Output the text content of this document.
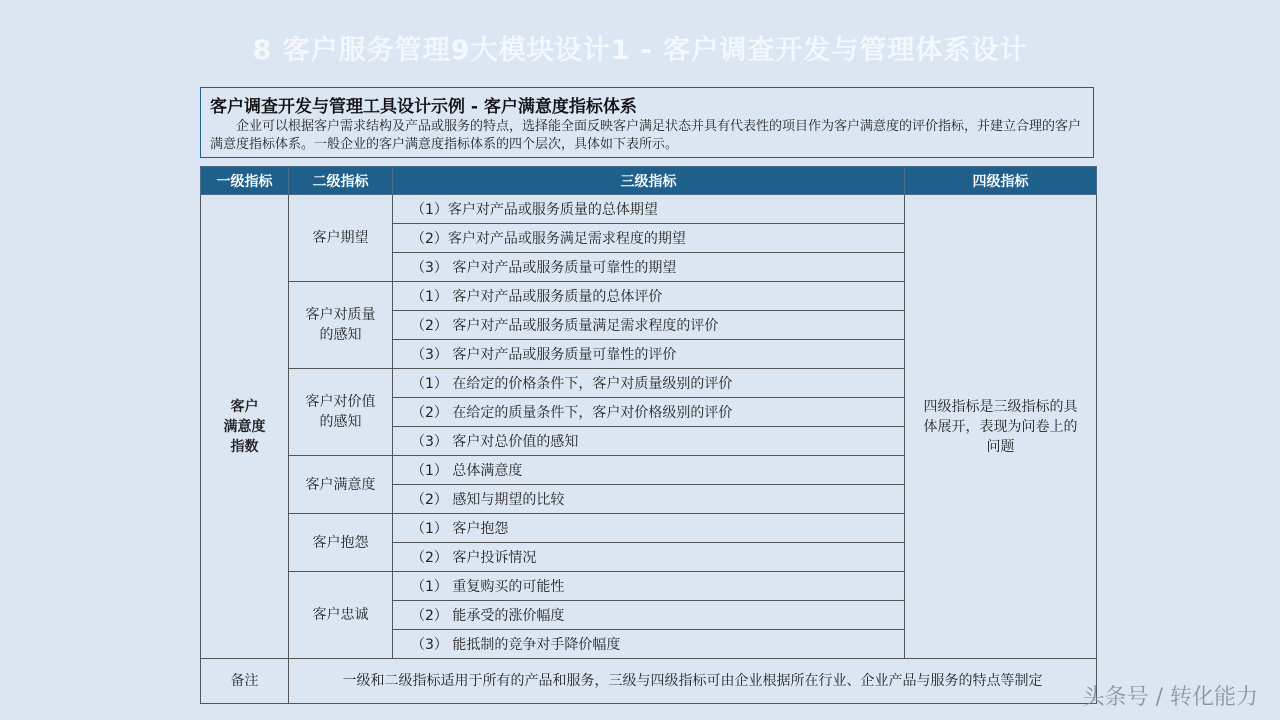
8 客户服务管理9大模块设计1 - 客户调查开发与管理体系设计
客户调查开发与管理工具设计示例 - 客户满意度指标体系
企业可以根据客户需求结构及产品或服务的特点，选择能全面反映客户满足状态并具有代表性的项目作为客户满意度的评价指标，并建立合理的客户满意度指标体系。一般企业的客户满意度指标体系的四个层次，具体如下表所示。
一级指标	二级指标	三级指标	四级指标
客户
满意度
指数	客户期望	（1）客户对产品或服务质量的总体期望	四级指标是三级指标的具体展开，表现为问卷上的问题
		（2）客户对产品或服务满足需求程度的期望	
		（3） 客户对产品或服务质量可靠性的期望	
	客户对质量
的感知	（1） 客户对产品或服务质量的总体评价	
		（2） 客户对产品或服务质量满足需求程度的评价	
		（3） 客户对产品或服务质量可靠性的评价	
	客户对价值
的感知	（1） 在给定的价格条件下，客户对质量级别的评价	
		（2） 在给定的质量条件下，客户对价格级别的评价	
		（3） 客户对总价值的感知	
	客户满意度	（1） 总体满意度	
		（2） 感知与期望的比较	
	客户抱怨	（1） 客户抱怨	
		（2） 客户投诉情况	
	客户忠诚	（1） 重复购买的可能性	
		（2） 能承受的涨价幅度	
		（3） 能抵制的竞争对手降价幅度	
备注	一级和二级指标适用于所有的产品和服务，三级与四级指标可由企业根据所在行业、企业产品与服务的特点等制定		
头条号 / 转化能力
